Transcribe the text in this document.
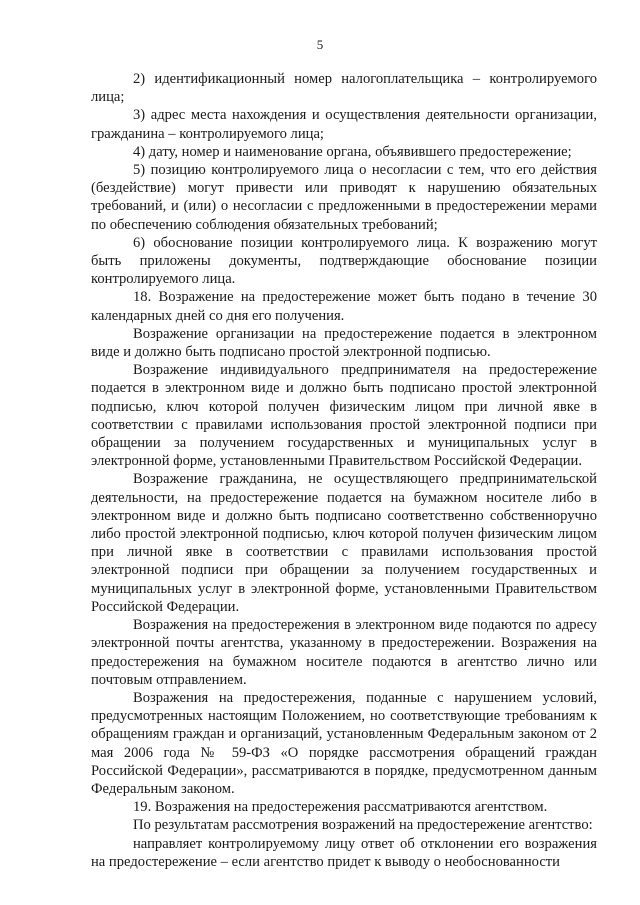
5

2) идентификационный номер налогоплательщика – контролируемого лица;

3) адрес места нахождения и осуществления деятельности организации, гражданина – контролируемого лица;

4) дату, номер и наименование органа, объявившего предостережение;

5) позицию контролируемого лица о несогласии с тем, что его действия (бездействие) могут привести или приводят к нарушению обязательных требований, и (или) о несогласии с предложенными в предостережении мерами по обеспечению соблюдения обязательных требований;

6) обоснование позиции контролируемого лица. К возражению могут быть приложены документы, подтверждающие обоснование позиции контролируемого лица.

18. Возражение на предостережение может быть подано в течение 30 календарных дней со дня его получения.

Возражение организации на предостережение подается в электронном виде и должно быть подписано простой электронной подписью.

Возражение индивидуального предпринимателя на предостережение подается в электронном виде и должно быть подписано простой электронной подписью, ключ которой получен физическим лицом при личной явке в соответствии с правилами использования простой электронной подписи при обращении за получением государственных и муниципальных услуг в электронной форме, установленными Правительством Российской Федерации.

Возражение гражданина, не осуществляющего предпринимательской деятельности, на предостережение подается на бумажном носителе либо в электронном виде и должно быть подписано соответственно собственноручно либо простой электронной подписью, ключ которой получен физическим лицом при личной явке в соответствии с правилами использования простой электронной подписи при обращении за получением государственных и муниципальных услуг в электронной форме, установленными Правительством Российской Федерации.

Возражения на предостережения в электронном виде подаются по адресу электронной почты агентства, указанному в предостережении. Возражения на предостережения на бумажном носителе подаются в агентство лично или почтовым отправлением.

Возражения на предостережения, поданные с нарушением условий, предусмотренных настоящим Положением, но соответствующие требованиям к обращениям граждан и организаций, установленным Федеральным законом от 2 мая 2006 года № 59-ФЗ «О порядке рассмотрения обращений граждан Российской Федерации», рассматриваются в порядке, предусмотренном данным Федеральным законом.

19. Возражения на предостережения рассматриваются агентством.

По результатам рассмотрения возражений на предостережение агентство:

направляет контролируемому лицу ответ об отклонении его возражения на предостережение – если агентство придет к выводу о необоснованности
